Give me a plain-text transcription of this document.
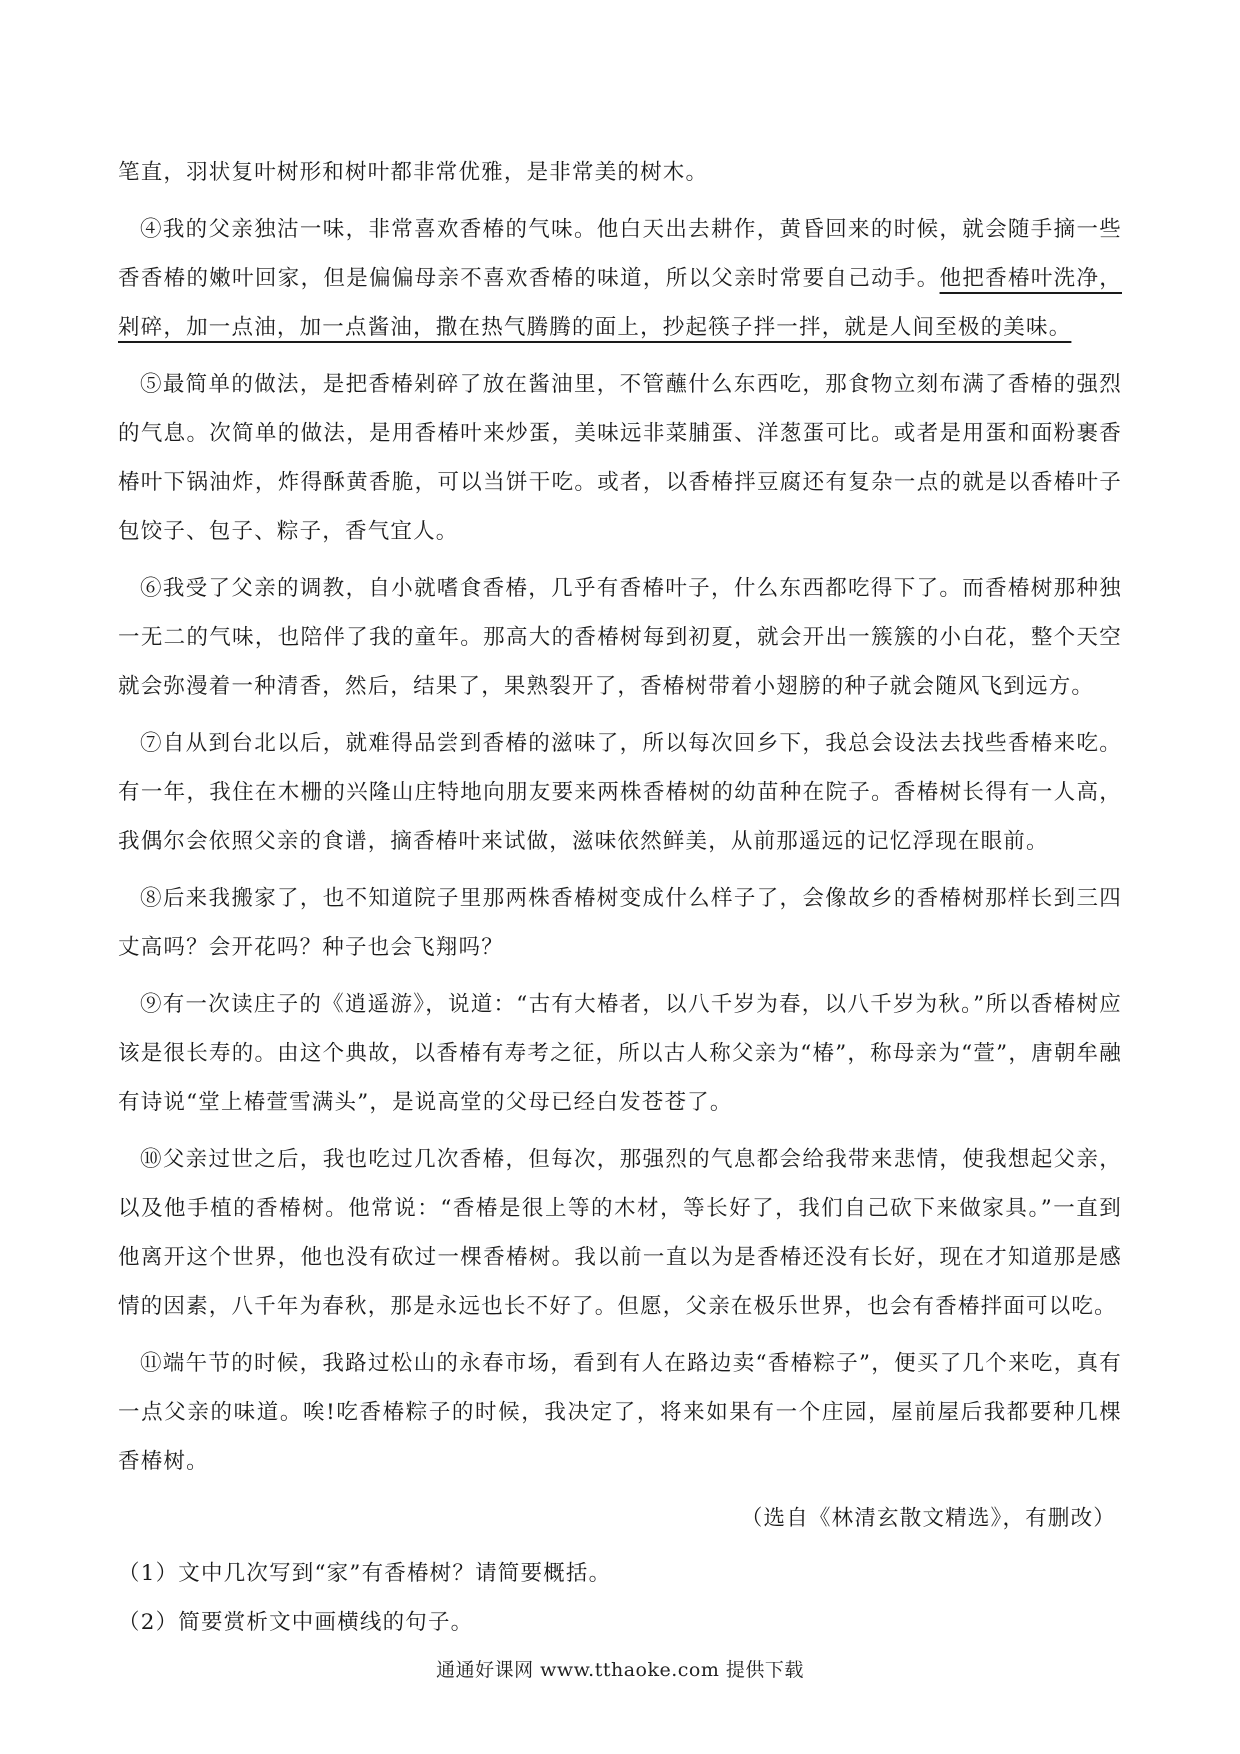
笔直，羽状复叶树形和树叶都非常优雅，是非常美的树木。

④我的父亲独沽一味，非常喜欢香椿的气味。他白天出去耕作，黄昏回来的时候，就会随手摘一些香香椿的嫩叶回家，但是偏偏母亲不喜欢香椿的味道，所以父亲时常要自己动手。他把香椿叶洗净，剁碎，加一点油，加一点酱油，撒在热气腾腾的面上，抄起筷子拌一拌，就是人间至极的美味。

⑤最简单的做法，是把香椿剁碎了放在酱油里，不管蘸什么东西吃，那食物立刻布满了香椿的强烈的气息。次简单的做法，是用香椿叶来炒蛋，美味远非菜脯蛋、洋葱蛋可比。或者是用蛋和面粉裹香椿叶下锅油炸，炸得酥黄香脆，可以当饼干吃。或者，以香椿拌豆腐还有复杂一点的就是以香椿叶子包饺子、包子、粽子，香气宜人。

⑥我受了父亲的调教，自小就嗜食香椿，几乎有香椿叶子，什么东西都吃得下了。而香椿树那种独一无二的气味，也陪伴了我的童年。那高大的香椿树每到初夏，就会开出一簇簇的小白花，整个天空就会弥漫着一种清香，然后，结果了，果熟裂开了，香椿树带着小翅膀的种子就会随风飞到远方。

⑦自从到台北以后，就难得品尝到香椿的滋味了，所以每次回乡下，我总会设法去找些香椿来吃。有一年，我住在木栅的兴隆山庄特地向朋友要来两株香椿树的幼苗种在院子。香椿树长得有一人高，我偶尔会依照父亲的食谱，摘香椿叶来试做，滋味依然鲜美，从前那遥远的记忆浮现在眼前。

⑧后来我搬家了，也不知道院子里那两株香椿树变成什么样子了，会像故乡的香椿树那样长到三四丈高吗？会开花吗？种子也会飞翔吗？

⑨有一次读庄子的《逍遥游》，说道：“古有大椿者，以八千岁为春，以八千岁为秋。”所以香椿树应该是很长寿的。由这个典故，以香椿有寿考之征，所以古人称父亲为“椿”，称母亲为“萱”，唐朝牟融有诗说“堂上椿萱雪满头”，是说高堂的父母已经白发苍苍了。

⑩父亲过世之后，我也吃过几次香椿，但每次，那强烈的气息都会给我带来悲情，使我想起父亲，以及他手植的香椿树。他常说：“香椿是很上等的木材，等长好了，我们自己砍下来做家具。”一直到他离开这个世界，他也没有砍过一棵香椿树。我以前一直以为是香椿还没有长好，现在才知道那是感情的因素，八千年为春秋，那是永远也长不好了。但愿，父亲在极乐世界，也会有香椿拌面可以吃。

⑪端午节的时候，我路过松山的永春市场，看到有人在路边卖“香椿粽子”，便买了几个来吃，真有一点父亲的味道。唉!吃香椿粽子的时候，我决定了，将来如果有一个庄园，屋前屋后我都要种几棵香椿树。

（选自《林清玄散文精选》，有删改）

（1）文中几次写到“家”有香椿树？请简要概括。

（2）简要赏析文中画横线的句子。

通通好课网 www.tthaoke.com 提供下载
